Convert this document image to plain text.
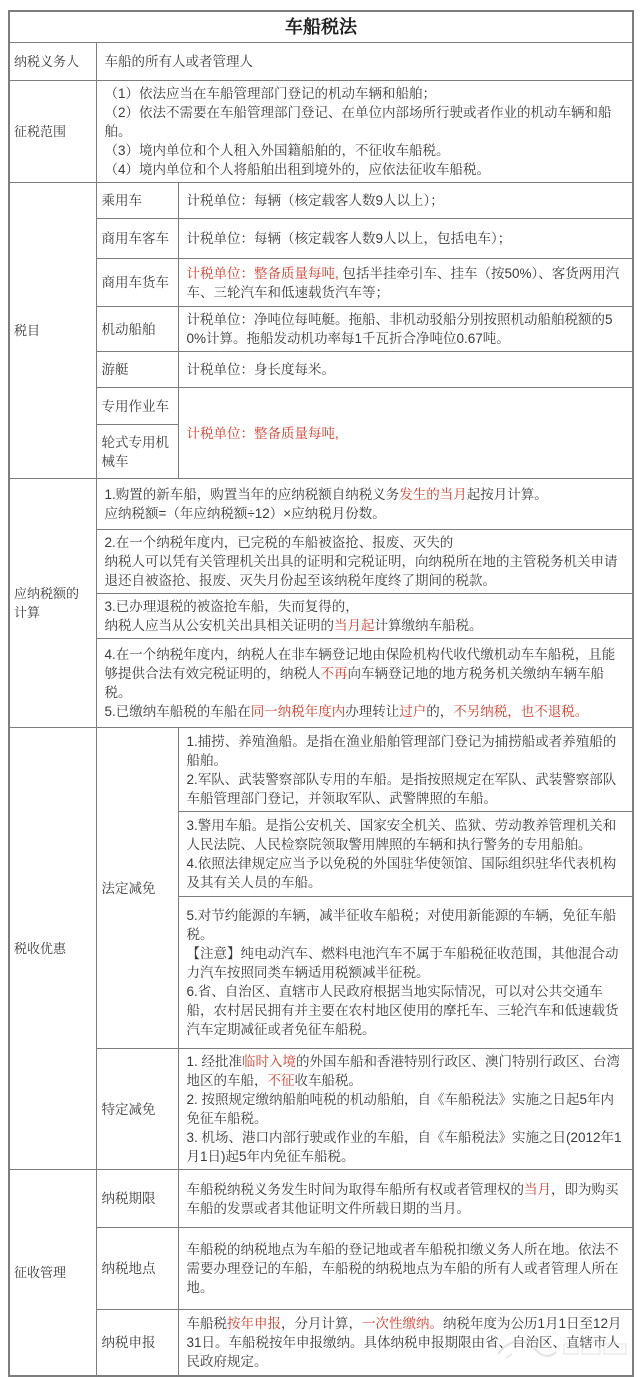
车船税法		
纳税义务人	车船的所有人或者管理人	

征税范围	（1）依法应当在车船管理部门登记的机动车辆和船舶；
（2）依法不需要在车船管理部门登记、在单位内部场所行驶或者作业的机动车辆和船舶。
（3）境内单位和个人租入外国籍船舶的，不征收车船税。
（4）境内单位和个人将船舶出租到境外的，应依法征收车船税。	

税目	乘用车	计税单位：每辆（核定载客人数9人以上）；

	商用车客车	计税单位：每辆（核定载客人数9人以上，包括电车）；

	商用车货车	计税单位：整备质量每吨, 包括半挂牵引车、挂车（按50%）、客货两用汽车、三轮汽车和低速载货汽车等；

	机动船舶	计税单位：净吨位每吨艇。拖船、非机动驳船分别按照机动船舶税额的50%计算。拖船发动机功率每1千瓦折合净吨位0.67吨。

	游艇	计税单位：身长度每米。

	专用作业车	计税单位：整备质量每吨,

	轮式专用机械车	
应纳税额的计算	1.购置的新车船，购置当年的应纳税额自纳税义务发生的当月起按月计算。
应纳税额=（年应纳税额÷12）×应纳税月份数。	

	2.在一个纳税年度内，已完税的车船被盗抢、报废、灭失的
纳税人可以凭有关管理机关出具的证明和完税证明，向纳税所在地的主管税务机关申请退还自被盗抢、报废、灭失月份起至该纳税年度终了期间的税款。	

	3.已办理退税的被盗抢车船，失而复得的，
纳税人应当从公安机关出具相关证明的当月起计算缴纳车船税。	

	4.在一个纳税年度内，纳税人在非车辆登记地由保险机构代收代缴机动车车船税，且能够提供合法有效完税证明的，纳税人不再向车辆登记地的地方税务机关缴纳车辆车船税。
5.已缴纳车船税的车船在同一纳税年度内办理转让过户的，不另纳税，也不退税。	

税收优惠	法定减免	1.捕捞、养殖渔船。是指在渔业船舶管理部门登记为捕捞船或者养殖船的船舶。
2.军队、武装警察部队专用的车船。是指按照规定在军队、武装警察部队车船管理部门登记，并领取军队、武警牌照的车船。

		3.警用车船。是指公安机关、国家安全机关、监狱、劳动教养管理机关和人民法院、人民检察院领取警用牌照的车辆和执行警务的专用船舶。
4.依照法律规定应当予以免税的外国驻华使领馆、国际组织驻华代表机构及其有关人员的车船。

		5.对节约能源的车辆，减半征收车船税；对使用新能源的车辆，免征车船税。
【注意】纯电动汽车、燃料电池汽车不属于车船税征收范围，其他混合动力汽车按照同类车辆适用税额减半征税。
6.省、自治区、直辖市人民政府根据当地实际情况，可以对公共交通车船，农村居民拥有并主要在农村地区使用的摩托车、三轮汽车和低速载货汽车定期减征或者免征车船税。

	特定减免	1. 经批准临时入境的外国车船和香港特别行政区、澳门特别行政区、台湾地区的车船，不征收车船税。
2. 按照规定缴纳船舶吨税的机动船舶，自《车船税法》实施之日起5年内免征车船税。
3. 机场、港口内部行驶或作业的车船，自《车船税法》实施之日(2012年1月1日)起5年内免征车船税。

征收管理	纳税期限	车船税纳税义务发生时间为取得车船所有权或者管理权的当月，即为购买车船的发票或者其他证明文件所载日期的当月。

	纳税地点	车船税的纳税地点为车船的登记地或者车船税扣缴义务人所在地。依法不需要办理登记的车船，车船税的纳税地点为车船的所有人或者管理人所在地。

	纳税申报	车船税按年申报，分月计算，一次性缴纳。纳税年度为公历1月1日至12月31日。车船税按年申报缴纳。具体纳税申报期限由省、自治区、直辖市人民政府规定。
